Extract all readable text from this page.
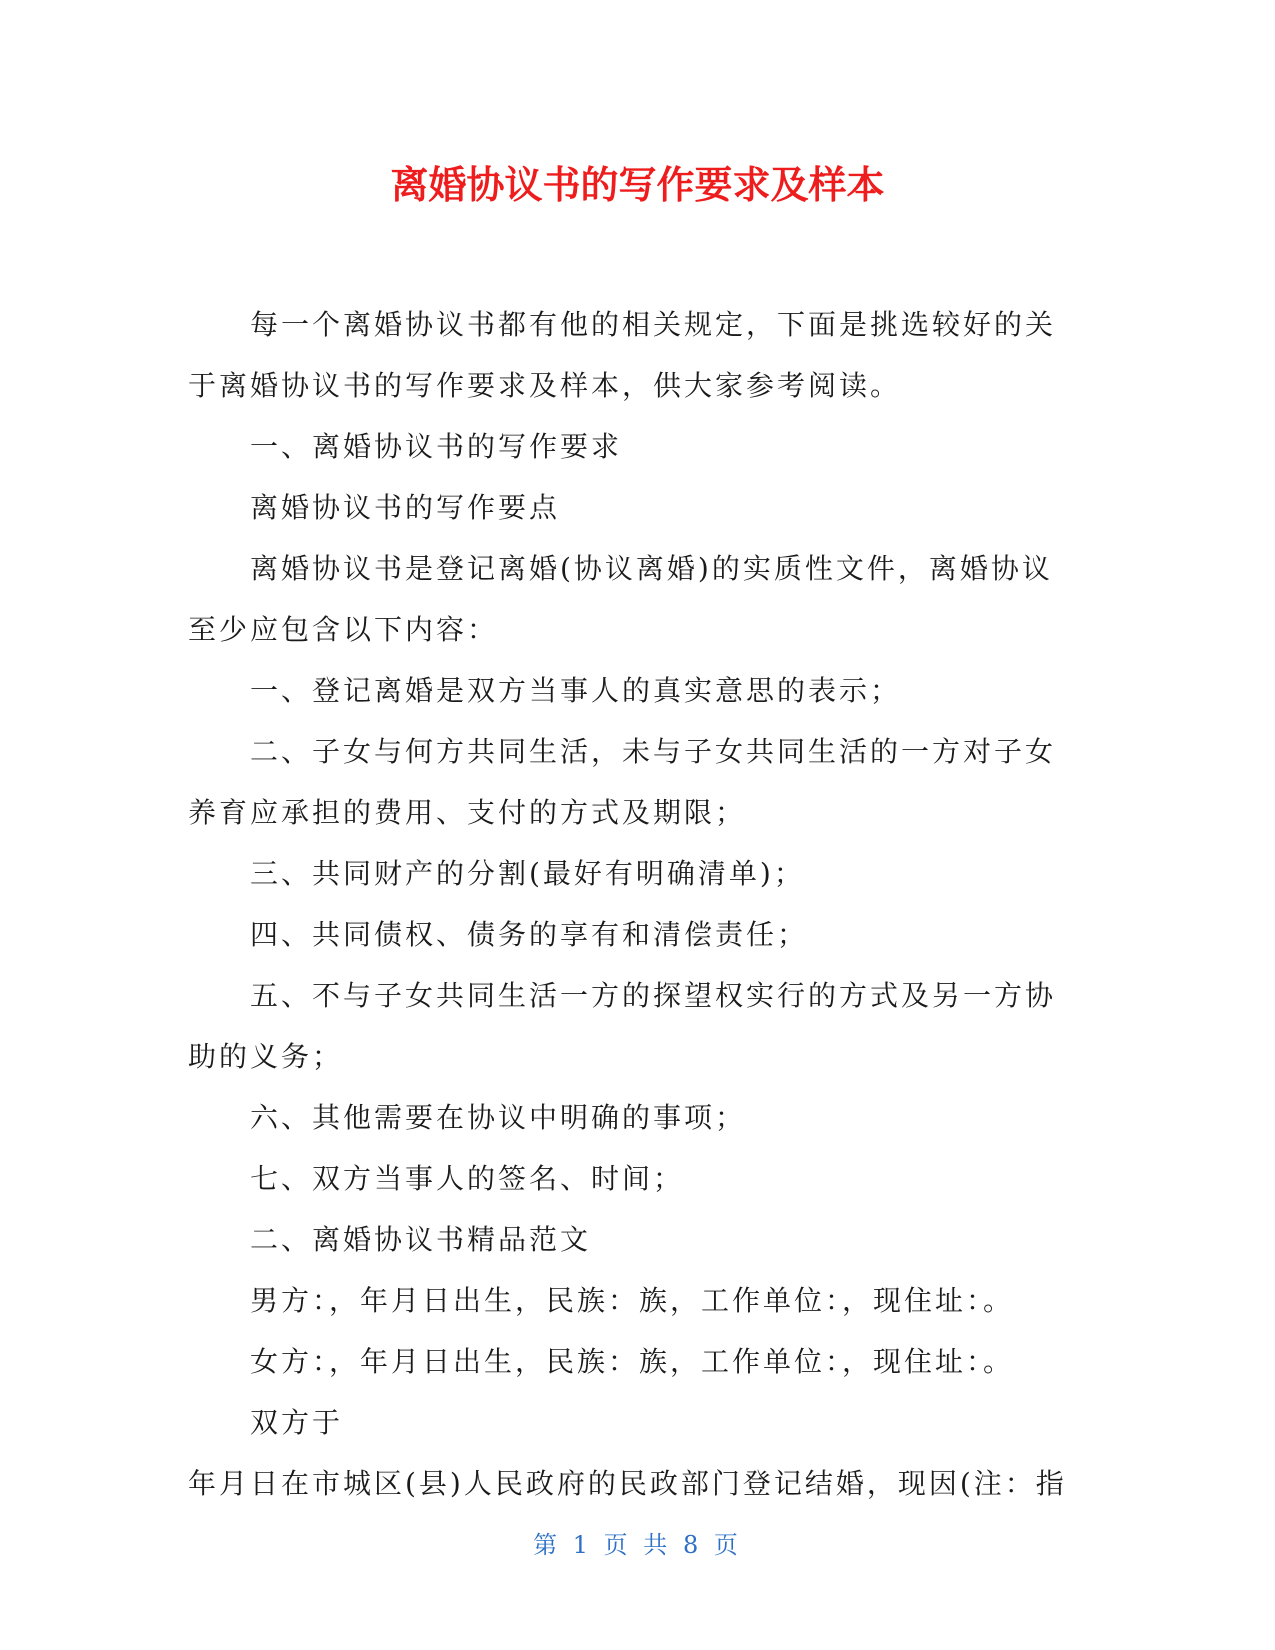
离婚协议书的写作要求及样本

每一个离婚协议书都有他的相关规定，下面是挑选较好的关于离婚协议书的写作要求及样本，供大家参考阅读。

一、离婚协议书的写作要求

离婚协议书的写作要点

离婚协议书是登记离婚(协议离婚)的实质性文件，离婚协议至少应包含以下内容：

一、登记离婚是双方当事人的真实意思的表示；

二、子女与何方共同生活，未与子女共同生活的一方对子女养育应承担的费用、支付的方式及期限；

三、共同财产的分割(最好有明确清单)；

四、共同债权、债务的享有和清偿责任；

五、不与子女共同生活一方的探望权实行的方式及另一方协助的义务；

六、其他需要在协议中明确的事项；

七、双方当事人的签名、时间；

二、离婚协议书精品范文

男方：，年月日出生，民族：族，工作单位：，现住址：。

女方：，年月日出生，民族：族，工作单位：，现住址：。

双方于

年月日在市城区(县)人民政府的民政部门登记结婚，现因(注：指

第 1 页 共 8 页
